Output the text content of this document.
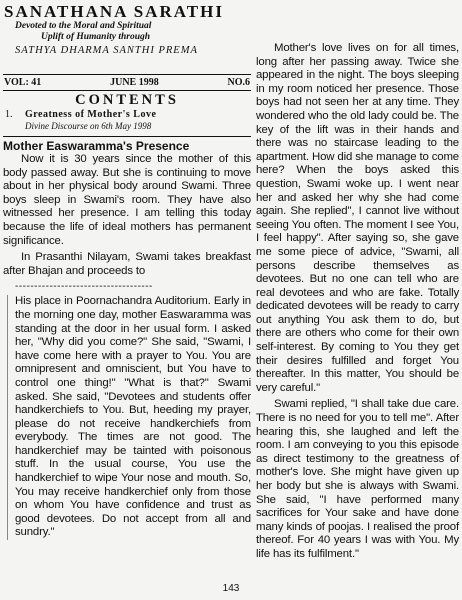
SANATHANA SARATHI
Devoted to the Moral and Spiritual
Uplift of Humanity through
SATHYA DHARMA SANTHI PREMA
VOL: 41	JUNE 1998	NO.6
CONTENTS
1.	Greatness of Mother's Love
Divine Discourse on 6th May 1998
Mother Easwaramma's Presence

Now it is 30 years since the mother of this body passed away. But she is continuing to move about in her physical body around Swami. Three boys sleep in Swami's room. They have also witnessed her presence. I am telling this today because the life of ideal mothers has permanent significance.

In Prasanthi Nilayam, Swami takes breakfast after Bhajan and proceeds to

------------------------------------

His place in Poornachandra Auditorium. Early in the morning one day, mother Easwaramma was standing at the door in her usual form. I asked her, "Why did you come?" She said, "Swami, I have come here with a prayer to You. You are omnipresent and omniscient, but You have to control one thing!" "What is that?" Swami asked. She said, "Devotees and students offer handkerchiefs to You. But, heeding my prayer, please do not receive handkerchiefs from everybody. The times are not good. The handkerchief may be tainted with poisonous stuff. In the usual course, You use the handkerchief to wipe Your nose and mouth. So, You may receive handkerchief only from those on whom You have confidence and trust as good devotees. Do not accept from all and sundry."

Mother's love lives on for all times, long after her passing away. Twice she appeared in the night. The boys sleeping in my room noticed her presence. Those boys had not seen her at any time. They wondered who the old lady could be. The key of the lift was in their hands and there was no staircase leading to the apartment. How did she manage to come here? When the boys asked this question, Swami woke up. I went near her and asked her why she had come again. She replied", I cannot live without seeing You often. The moment I see You, I feel happy". After saying so, she gave me some piece of advice, "Swami, all persons describe themselves as devotees. But no one can tell who are real devotees and who are fake. Totally dedicated devotees will be ready to carry out anything You ask them to do, but there are others who come for their own self-interest. By coming to You they get their desires fulfilled and forget You thereafter. In this matter, You should be very careful."

Swami replied, "I shall take due care. There is no need for you to tell me". After hearing this, she laughed and left the room. I am conveying to you this episode as direct testimony to the greatness of mother's love. She might have given up her body but she is always with Swami. She said, "I have performed many sacrifices for Your sake and have done many kinds of poojas. I realised the proof thereof. For 40 years I was with You. My life has its fulfilment."

143
